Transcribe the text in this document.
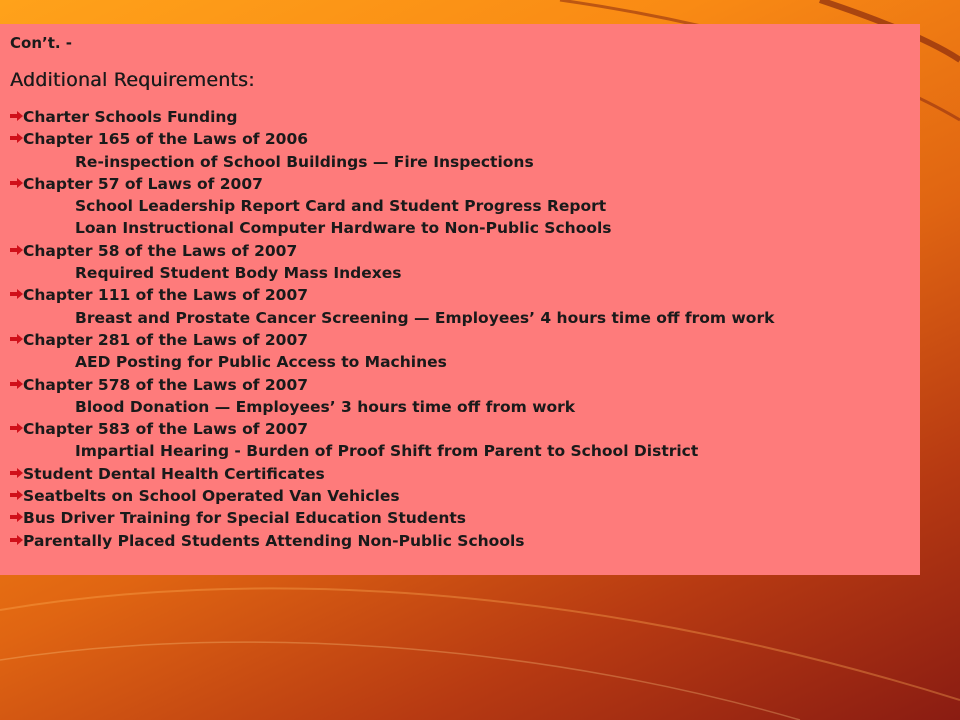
Con’t. -

Additional Requirements:
Charter Schools Funding
Chapter 165 of the Laws of 2006
Re-inspection of School Buildings — Fire Inspections
Chapter 57 of Laws of 2007
School Leadership Report Card and Student Progress Report
Loan Instructional Computer Hardware to Non-Public Schools
Chapter 58 of the Laws of 2007
Required Student Body Mass Indexes
Chapter 111 of the Laws of 2007
Breast and Prostate Cancer Screening — Employees’ 4 hours time off from work
Chapter 281 of the Laws of 2007
AED Posting for Public Access to Machines
Chapter 578 of the Laws of 2007
Blood Donation — Employees’ 3 hours time off from work
Chapter 583 of the Laws of 2007
Impartial Hearing - Burden of Proof Shift from Parent to School District
Student Dental Health Certificates
Seatbelts on School Operated Van Vehicles
Bus Driver Training for Special Education Students
Parentally Placed Students Attending Non-Public Schools
